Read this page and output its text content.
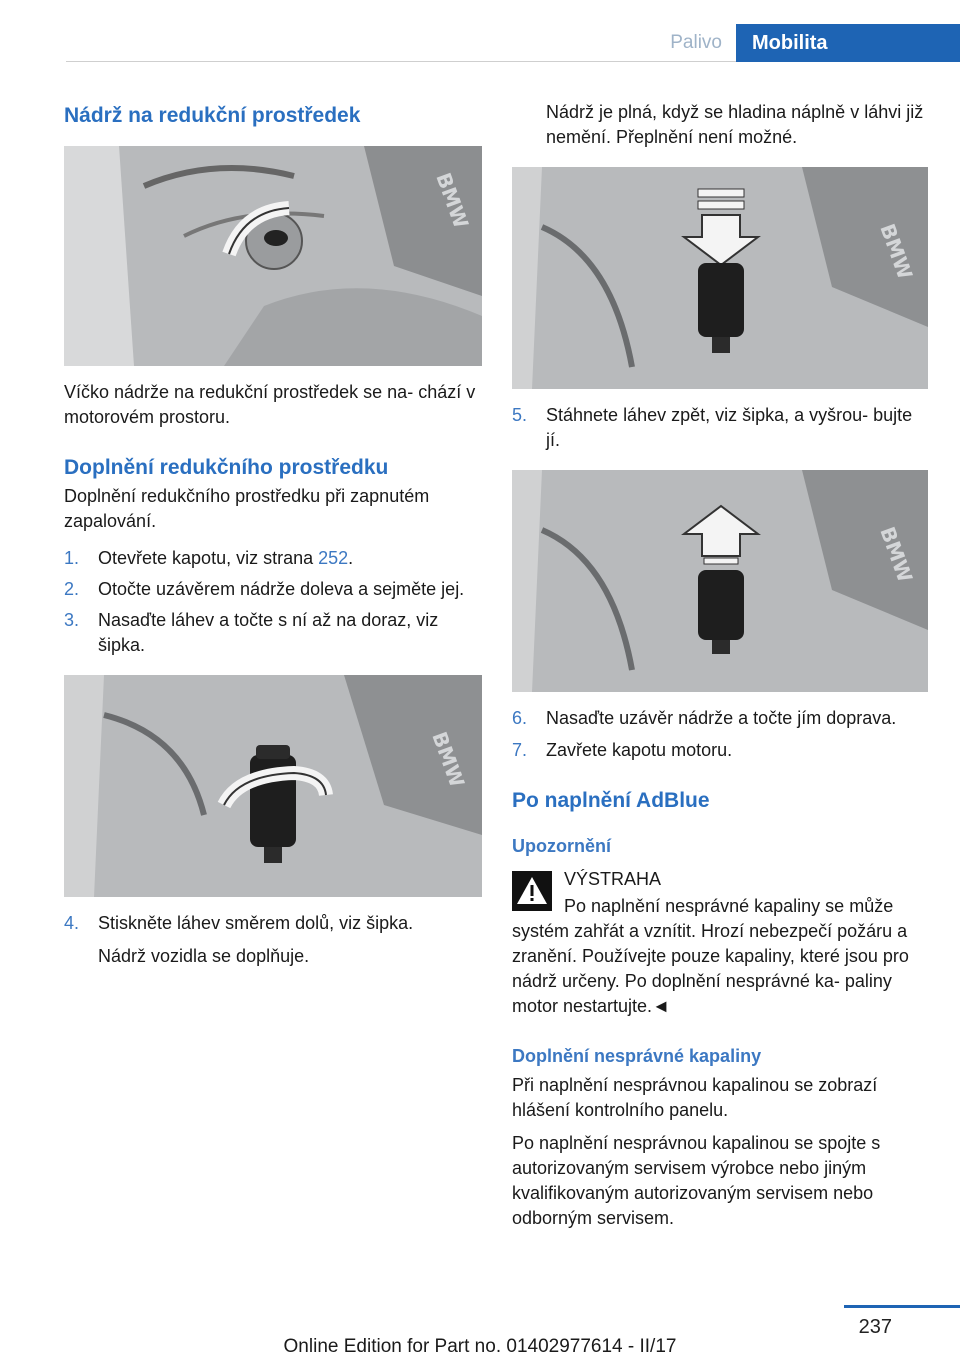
Palivo	Mobilita
Nádrž na redukční prostředek
BMW

Víčko nádrže na redukční prostředek se na- chází v motorovém prostoru.

Doplnění redukčního prostředku

Doplnění redukčního prostředku při zapnutém zapalování.

1. Otevřete kapotu, viz strana 252.
2. Otočte uzávěrem nádrže doleva a sejměte jej.
3. Nasaďte láhev a točte s ní až na doraz, viz šipka.
BMW
4. Stiskněte láhev směrem dolů, viz šipka.

Nádrž vozidla se doplňuje.

Nádrž je plná, když se hladina náplně v láhvi již nemění. Přeplnění není možné.

BMW
5. Stáhnete láhev zpět, viz šipka, a vyšrou- bujte jí.
BMW
6. Nasaďte uzávěr nádrže a točte jím doprava.
7. Zavřete kapotu motoru.
Po naplnění AdBlue
Upozornění

VÝSTRAHA

Po naplnění nesprávné kapaliny se může systém zahřát a vznítit. Hrozí nebezpečí požáru a zranění. Používejte pouze kapaliny, které jsou pro nádrž určeny. Po doplnění nesprávné ka- paliny motor nestartujte.◄

Doplnění nesprávné kapaliny

Při naplnění nesprávnou kapalinou se zobrazí hlášení kontrolního panelu.

Po naplnění nesprávnou kapalinou se spojte s autorizovaným servisem výrobce nebo jiným kvalifikovaným autorizovaným servisem nebo odborným servisem.

237
Online Edition for Part no. 01402977614 - II/17
